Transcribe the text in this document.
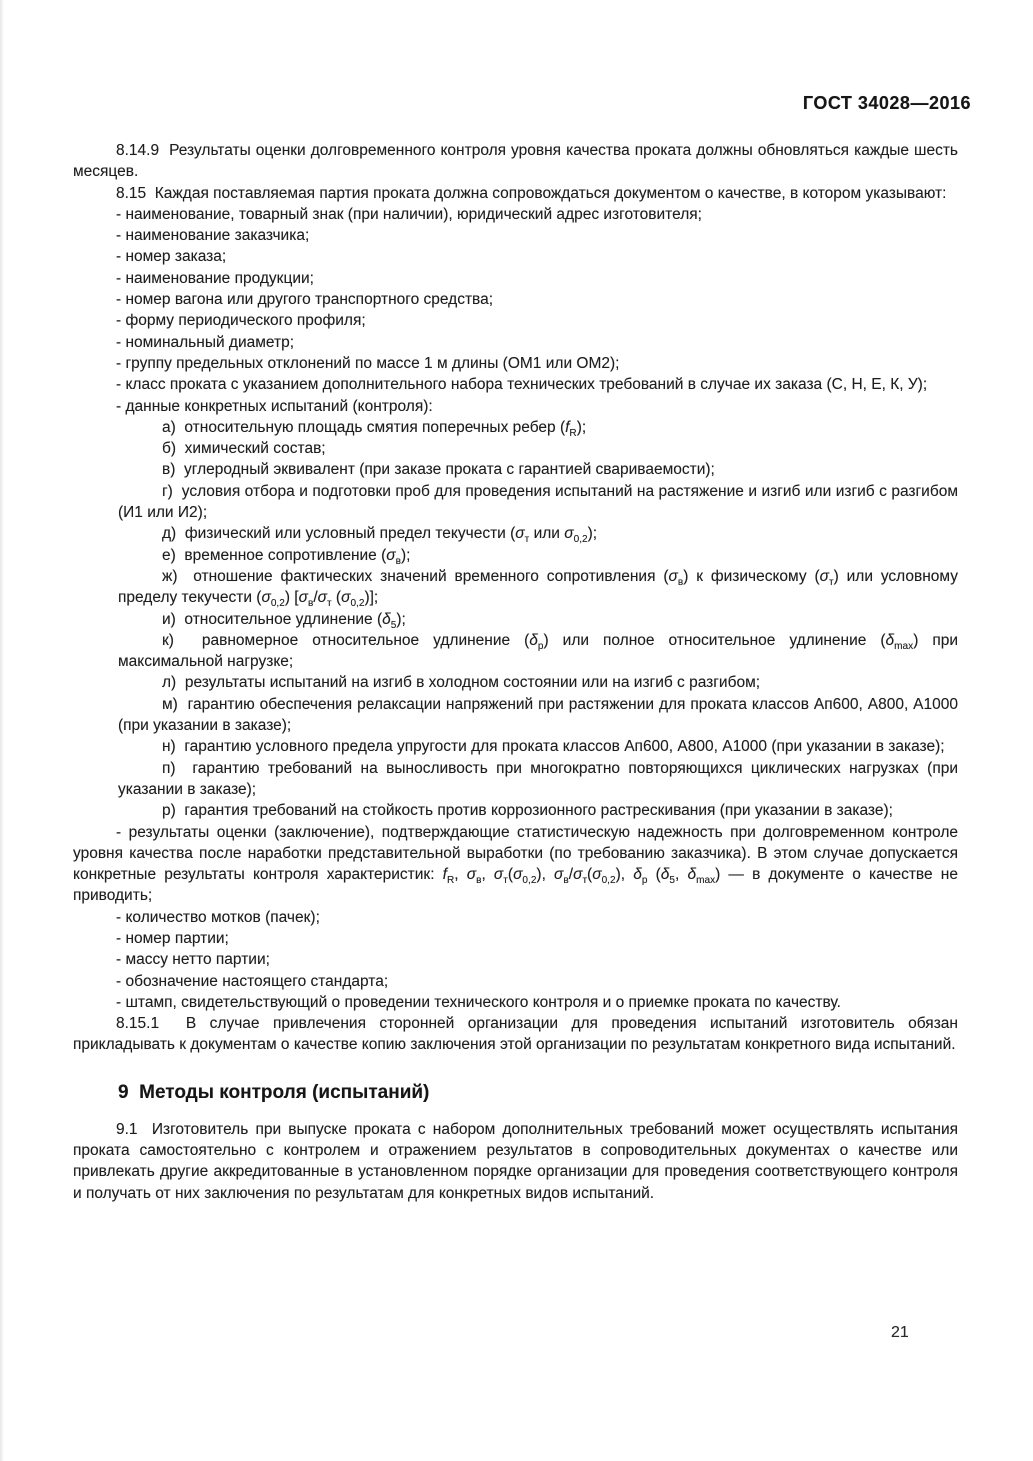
ГОСТ 34028—2016

8.14.9  Результаты оценки долговременного контроля уровня качества проката должны обновляться каждые шесть месяцев.

8.15  Каждая поставляемая партия проката должна сопровождаться документом о качестве, в котором указывают:

- наименование, товарный знак (при наличии), юридический адрес изготовителя;

- наименование заказчика;

- номер заказа;

- наименование продукции;

- номер вагона или другого транспортного средства;

- форму периодического профиля;

- номинальный диаметр;

- группу предельных отклонений по массе 1 м длины (ОМ1 или ОМ2);

- класс проката с указанием дополнительного набора технических требований в случае их заказа (С, Н, Е, К, У);

- данные конкретных испытаний (контроля):

а)  относительную площадь смятия поперечных ребер $(f_R)$;

б)  химический состав;

в)  углеродный эквивалент (при заказе проката с гарантией свариваемости);

г)  условия отбора и подготовки проб для проведения испытаний на растяжение и изгиб или изгиб с разгибом (И1 или И2);

д)  физический или условный предел текучести ($\sigma_т$ или $\sigma_{0,2}$);

е)  временное сопротивление $(\sigma_в)$;

ж)  отношение фактических значений временного сопротивления $(\sigma_в)$ к физическому $(\sigma_т)$ или условному пределу текучести $(\sigma_{0,2})$ [$\sigma_в/\sigma_т$ $(\sigma_{0,2})$];

и)  относительное удлинение $(\delta_5)$;

к)  равномерное относительное удлинение $(\delta_р)$ или полное относительное удлинение $(\delta_{max})$ при максимальной нагрузке;

л)  результаты испытаний на изгиб в холодном состоянии или на изгиб с разгибом;

м)  гарантию обеспечения релаксации напряжений при растяжении для проката классов Ап600, А800, А1000 (при указании в заказе);

н)  гарантию условного предела упругости для проката классов Ап600, А800, А1000 (при указании в заказе);

п)  гарантию требований на выносливость при многократно повторяющихся циклических нагрузках (при указании в заказе);

р)  гарантия требований на стойкость против коррозионного растрескивания (при указании в заказе);

- результаты оценки (заключение), подтверждающие статистическую надежность при долговременном контроле уровня качества после наработки представительной выработки (по требованию заказчика). В этом случае допускается конкретные результаты контроля характеристик: $f_R$, $\sigma_в$, $\sigma_т(\sigma_{0,2})$, $\sigma_в/\sigma_т(\sigma_{0,2})$, $\delta_р$ ($\delta_5$, $\delta_{max}$) — в документе о качестве не приводить;

- количество мотков (пачек);

- номер партии;

- массу нетто партии;

- обозначение настоящего стандарта;

- штамп, свидетельствующий о проведении технического контроля и о приемке проката по качеству.

8.15.1  В случае привлечения сторонней организации для проведения испытаний изготовитель обязан прикладывать к документам о качестве копию заключения этой организации по результатам конкретного вида испытаний.

9  Методы контроля (испытаний)

9.1  Изготовитель при выпуске проката с набором дополнительных требований может осуществлять испытания проката самостоятельно с контролем и отражением результатов в сопроводительных документах о качестве или привлекать другие аккредитованные в установленном порядке организации для проведения соответствующего контроля и получать от них заключения по результатам для конкретных видов испытаний.

21
